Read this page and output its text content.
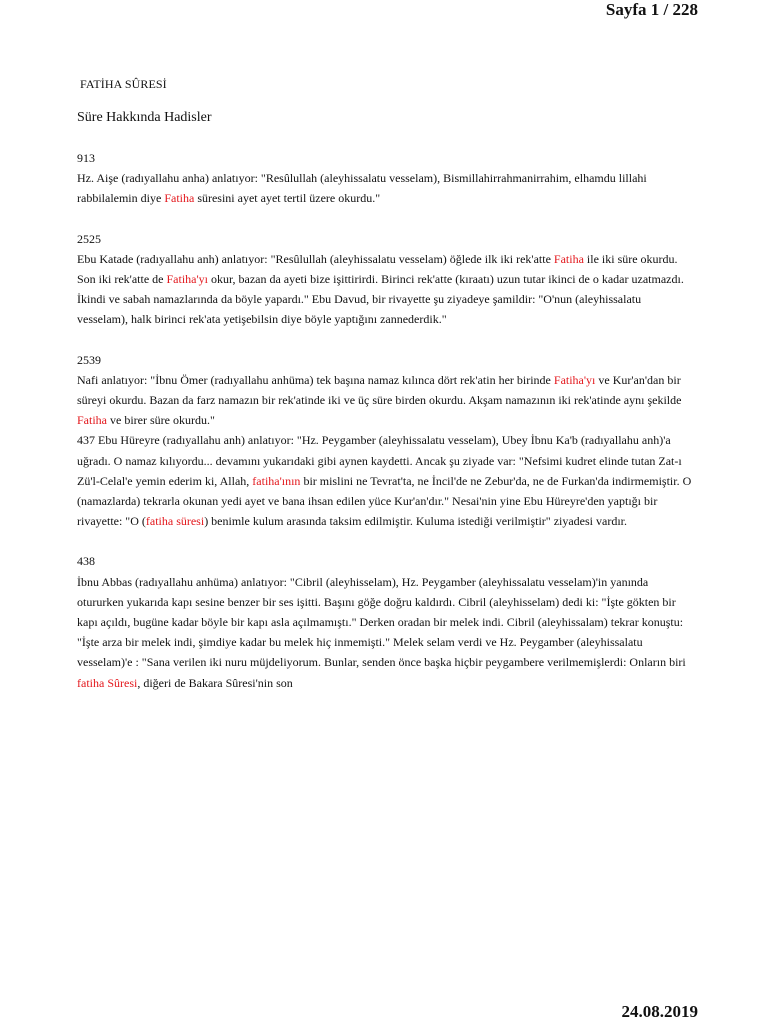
Sayfa 1 / 228
FATİHA SÛRESİ
Süre Hakkında Hadisler
913
Hz. Aişe (radıyallahu anha) anlatıyor: "Resûlullah (aleyhissalatu vesselam), Bismillahirrahmanirrahim, elhamdu lillahi rabbilalemin diye Fatiha süresini ayet ayet tertil üzere okurdu."
2525
Ebu Katade (radıyallahu anh) anlatıyor: "Resûlullah (aleyhissalatu vesselam) öğlede ilk iki rek'atte Fatiha ile iki süre okurdu. Son iki rek'atte de Fatiha'yı okur, bazan da ayeti bize işittirirdi. Birinci rek'atte (kıraatı) uzun tutar ikinci de o kadar uzatmazdı. İkindi ve sabah namazlarında da böyle yapardı." Ebu Davud, bir rivayette şu ziyadeye şamildir: "O'nun (aleyhissalatu vesselam), halk birinci rek'ata yetişebilsin diye böyle yaptığını zannederdik."
2539
Nafi anlatıyor: "İbnu Ömer (radıyallahu anhüma) tek başına namaz kılınca dört rek'atin her birinde Fatiha'yı ve Kur'an'dan bir süreyi okurdu. Bazan da farz namazın bir rek'atinde iki ve üç süre birden okurdu. Akşam namazının iki rek'atinde aynı şekilde Fatiha ve birer süre okurdu."
437 Ebu Hüreyre (radıyallahu anh) anlatıyor: "Hz. Peygamber (aleyhissalatu vesselam), Ubey İbnu Ka'b (radıyallahu anh)'a uğradı. O namaz kılıyordu... devamını yukarıdaki gibi aynen kaydetti. Ancak şu ziyade var: "Nefsimi kudret elinde tutan Zat-ı Zü'l-Celal'e yemin ederim ki, Allah, fatiha'ının bir mislini ne Tevrat'ta, ne İncil'de ne Zebur'da, ne de Furkan'da indirmemiştir. O (namazlarda) tekrarla okunan yedi ayet ve bana ihsan edilen yüce Kur'an'dır." Nesai'nin yine Ebu Hüreyre'den yaptığı bir rivayette: "O (fatiha süresi) benimle kulum arasında taksim edilmiştir. Kuluma istediği verilmiştir" ziyadesi vardır.
438
İbnu Abbas (radıyallahu anhüma) anlatıyor: "Cibril (aleyhisselam), Hz. Peygamber (aleyhissalatu vesselam)'in yanında otururken yukarıda kapı sesine benzer bir ses işitti. Başını göğe doğru kaldırdı. Cibril (aleyhisselam) dedi ki: "İşte gökten bir kapı açıldı, bugüne kadar böyle bir kapı asla açılmamıştı." Derken oradan bir melek indi. Cibril (aleyhissalam) tekrar konuştu: "İşte arza bir melek indi, şimdiye kadar bu melek hiç inmemişti." Melek selam verdi ve Hz. Peygamber (aleyhissalatu vesselam)'e : "Sana verilen iki nuru müjdeliyorum. Bunlar, senden önce başka hiçbir peygambere verilmemişlerdi: Onların biri fatiha Sûresi, diğeri de Bakara Sûresi'nin son
24.08.2019
